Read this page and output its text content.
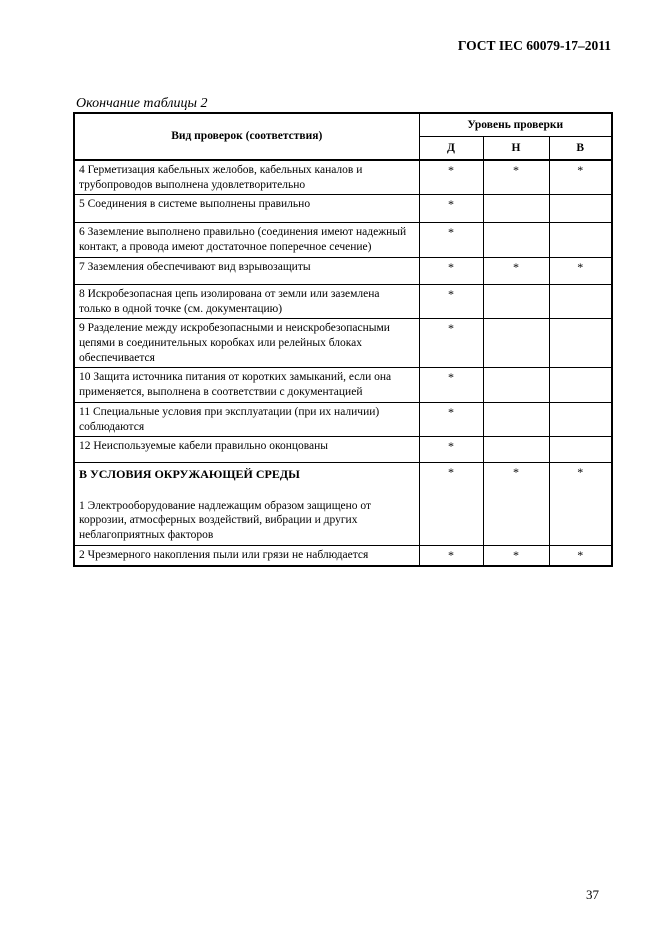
ГОСТ IEC 60079-17–2011
Окончание таблицы 2
Вид проверок (соответствия)	Уровень проверки		
	Д	Н	В
4 Герметизация кабельных желобов, кабельных каналов и трубопроводов выполнена удовлетворительно	*	*	*
5 Соединения в системе выполнены правильно	*		
6 Заземление выполнено правильно (соединения имеют надежный контакт, а провода имеют достаточное поперечное сечение)	*		
7 Заземления обеспечивают вид взрывозащиты	*	*	*
8 Искробезопасная цепь изолирована от земли или заземлена только в одной точке (см. документацию)	*		
9 Разделение между искробезопасными и неискробезопасными цепями в соединительных коробках или релейных блоках обеспечивается	*		
10 Защита источника питания от коротких замыканий, если она применяется, выполнена в соответствии с документацией	*		
11 Специальные условия при эксплуатации (при их наличии) соблюдаются	*		
12 Неиспользуемые кабели правильно оконцованы	*		

В УСЛОВИЯ ОКРУЖАЮЩЕЙ СРЕДЫ
1 Электрооборудование надлежащим образом защищено от коррозии, атмосферных воздействий, вибрации и других неблагоприятных факторов	*	*	*
2 Чрезмерного накопления пыли или грязи не наблюдается	*	*	*
37
